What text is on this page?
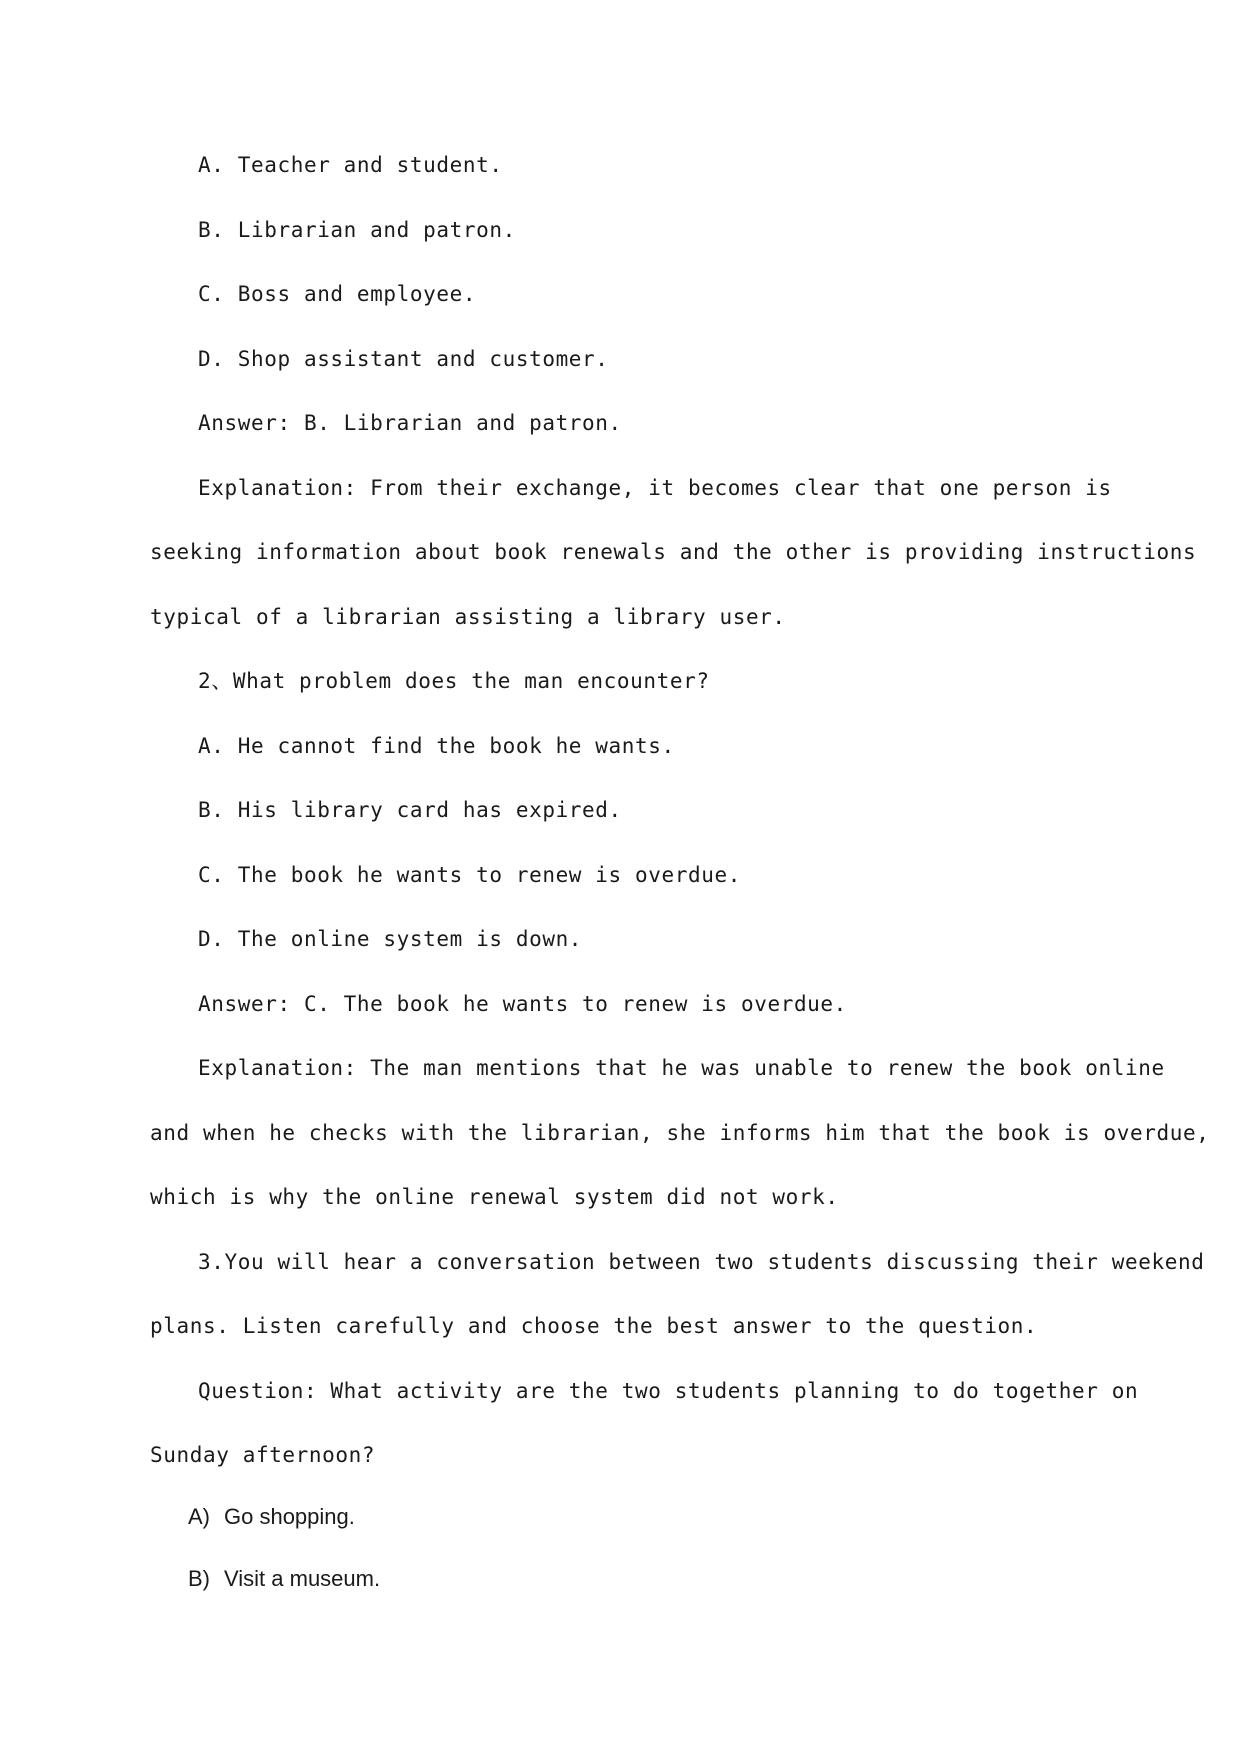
A. Teacher and student.
B. Librarian and patron.
C. Boss and employee.
D. Shop assistant and customer.
Answer: B. Librarian and patron.
Explanation: From their exchange, it becomes clear that one person is
seeking information about book renewals and the other is providing instructions
typical of a librarian assisting a library user.
2、What problem does the man encounter?
A. He cannot find the book he wants.
B. His library card has expired.
C. The book he wants to renew is overdue.
D. The online system is down.
Answer: C. The book he wants to renew is overdue.
Explanation: The man mentions that he was unable to renew the book online
and when he checks with the librarian, she informs him that the book is overdue,
which is why the online renewal system did not work.
3.You will hear a conversation between two students discussing their weekend
plans. Listen carefully and choose the best answer to the question.
Question: What activity are the two students planning to do together on
Sunday afternoon?
A) Go shopping.
B) Visit a museum.
